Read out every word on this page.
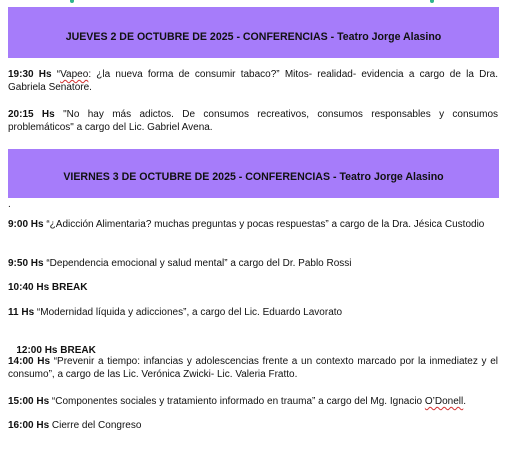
JUEVES 2 DE OCTUBRE DE 2025 - CONFERENCIAS - Teatro Jorge Alasino
19:30 Hs “Vapeo: ¿la nueva forma de consumir tabaco?” Mitos- realidad- evidencia a cargo de la Dra. Gabriela Senatore.
20:15 Hs "No hay más adictos. De consumos recreativos, consumos responsables y consumos problemáticos" a cargo del Lic. Gabriel Avena.
VIERNES 3 DE OCTUBRE DE 2025 - CONFERENCIAS - Teatro Jorge Alasino
.
9:00 Hs “¿Adicción Alimentaria? muchas preguntas y pocas respuestas” a cargo de la Dra. Jésica Custodio
9:50 Hs “Dependencia emocional y salud mental” a cargo del Dr. Pablo Rossi
10:40 Hs BREAK
11 Hs “Modernidad líquida y adicciones”, a cargo del Lic. Eduardo Lavorato

12:00 Hs BREAK

14:00 Hs “Prevenir a tiempo: infancias y adolescencias frente a un contexto marcado por la inmediatez y el consumo”, a cargo de las Lic. Verónica Zwicki- Lic. Valeria Fratto.
15:00 Hs “Componentes sociales y tratamiento informado en trauma” a cargo del Mg. Ignacio O’Donell.
16:00 Hs Cierre del Congreso
